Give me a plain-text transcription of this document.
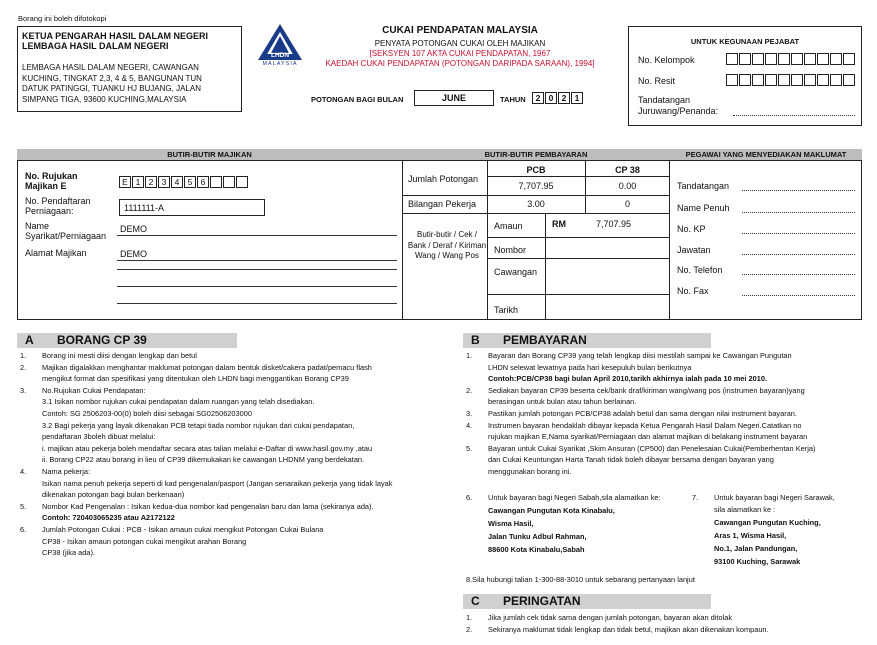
Borang ini boleh difotokopi
KETUA PENGARAH HASIL DALAM NEGERI
LEMBAGA HASIL DALAM NEGERI
LEMBAGA HASIL DALAM NEGERI, CAWANGAN
KUCHING, TINGKAT 2,3, 4 & 5, BANGUNAN TUN
DATUK PATINGGI, TUANKU HJ BUJANG, JALAN
SIMPANG TIGA, 93600 KUCHING,MALAYSIA
LHDN
MALAYSIA
CUKAI PENDAPATAN MALAYSIA
PENYATA POTONGAN CUKAI OLEH MAJIKAN
[SEKSYEN 107 AKTA CUKAI PENDAPATAN, 1967
KAEDAH CUKAI PENDAPATAN (POTONGAN DARIPADA SARAAN), 1994]
POTONGAN BAGI BULAN	JUNE	TAHUN	2 0 2 1
UNTUK KEGUNAAN PEJABAT
No. Kelompok
No. Resit
Tandatangan
Juruwang/Penanda:
BUTIR-BUTIR MAJIKAN	BUTIR-BUTIR PEMBAYARAN	PEGAWAI YANG MENYEDIAKAN MAKLUMAT
No. Rujukan
Majikan E	E 1 2 3 4 5 6
No. Pendaftaran
Perniagaan:	1111111-A
Name
Syarikat/Perniagaan
DEMO
Alamat Majikan	DEMO
PCB	CP 38
Jumlah Potongan
7,707.95	0.00
Bilangan Pekerja	3.00	0
Butir-butir / Cek / Bank / Deraf / Kiriman Wang / Wang Pos
Amaun	RM	7,707.95
Nombor
Cawangan
Tarikh
Tandatangan
Name Penuh
No. KP
Jawatan
No. Telefon
No. Fax
A BORANG CP 39
1. Borang ini mesti diisi dengan lengkap dan betul
2. Majikan digalakkan menghantar maklumat potongan dalam bentuk disket/cakera padat/pemacu flash
mengikut format dan spesifikasi yang ditentukan oleh LHDN bagi menggantikan Borang CP39
3. No.Rujukan Cukai Pendapatan:
3.1 Isikan nombor rujukan cukai pendapatan dalam ruangan yang telah disediakan.
Contoh: SG 2506203-00(0) boleh diisi sebagai SG02506203000
3.2 Bagi pekerja yang layak dikenakan PCB tetapi tiada nombor rujukan dari cukai pendapatan,
pendaftaran 3boleh dibuat melalui:
i. majikan atau pekerja boleh mendaftar secara atas talian melalui e-Daftar di www.hasil.gov.my ,atau
ii. Borang CP22 atau borang in lieu of CP39 dikemukakan ke cawangan LHDNM yang berdekatan.
4. Nama pekerja:
Isikan nama penuh pekerja seperti di kad pengenalan/pasport (Jangan senaraikan pekerja yang tidak layak
dikenakan potongan bagi bulan berkenaan)
5. Nombor Kad Pengenalan : Isikan kedua-dua nombor kad pengenalan baru dan lama (sekiranya ada).
Contoh: 720403065235 atau A2172122
6. Jumlah Potongan Cukai : PCB - Isikan amaun cukai mengikut Potongan Cukai Bulana
CP38 - Isikan amaun potongan cukai mengikut arahan Borang
CP38 (jika ada).
B PEMBAYARAN
1. Bayaran dan Borang CP39 yang telah lengkap diisi mestilah sampai ke Cawangan Pungutan
LHDN selewat lewatnya pada hari kesepuluh bulan berikutnya
Contoh:PCB/CP38 bagi bulan April 2010,tarikh akhirnya ialah pada 10 mei 2010.
2. Sediakan bayaran CP39 beserta cek/bank draf/kiriman wang/wang pos (instrumen bayaran)yang
berasingan untuk bulan atau tahun berlainan.
3. Pastikan jumlah potongan PCB/CP38 adalah betul dan sama dengan nilai instrument bayaran.
4. Instrumen bayaran hendaklah dibayar kepada Ketua Pengarah Hasil Dalam Negeri.Catatkan no
rujukan majikan E,Nama syarikat/Perniagaan dan alamat majikan di belakang instrument bayaran
5. Bayaran untuk Cukai Syarikat ,Skim Ansuran (CP500) dan Penelesaian Cukai(Pemberhentan Kerja)
dan Cukai Keuntungan Harta Tanah tidak boleh dibayar bersama dengan bayaran yang
menggunakan borang ini.
6. Untuk bayaran bagi Negeri Sabah,sila alamatkan ke:
Cawangan Pungutan Kota Kinabalu,
Wisma Hasil,
Jalan Tunku Adbul Rahman,
88600 Kota Kinabalu,Sabah
7. Untuk bayaran bagi Negeri Sarawak,
sila alamatkan ke :
Cawangan Pungutan Kuching,
Aras 1, Wisma Hasil,
No.1, Jalan Pandungan,
93100 Kuching, Sarawak
8.Sila hubungi talian 1-300-88-3010 untuk sebarang pertanyaan lanjut
C PERINGATAN
1. Jika jumlah cek tidak sama dengan jumlah potongan, bayaran akan ditolak
2. Sekiranya maklumat tidak lengkap dan tidak betul, majikan akan dikenakan kompaun.
